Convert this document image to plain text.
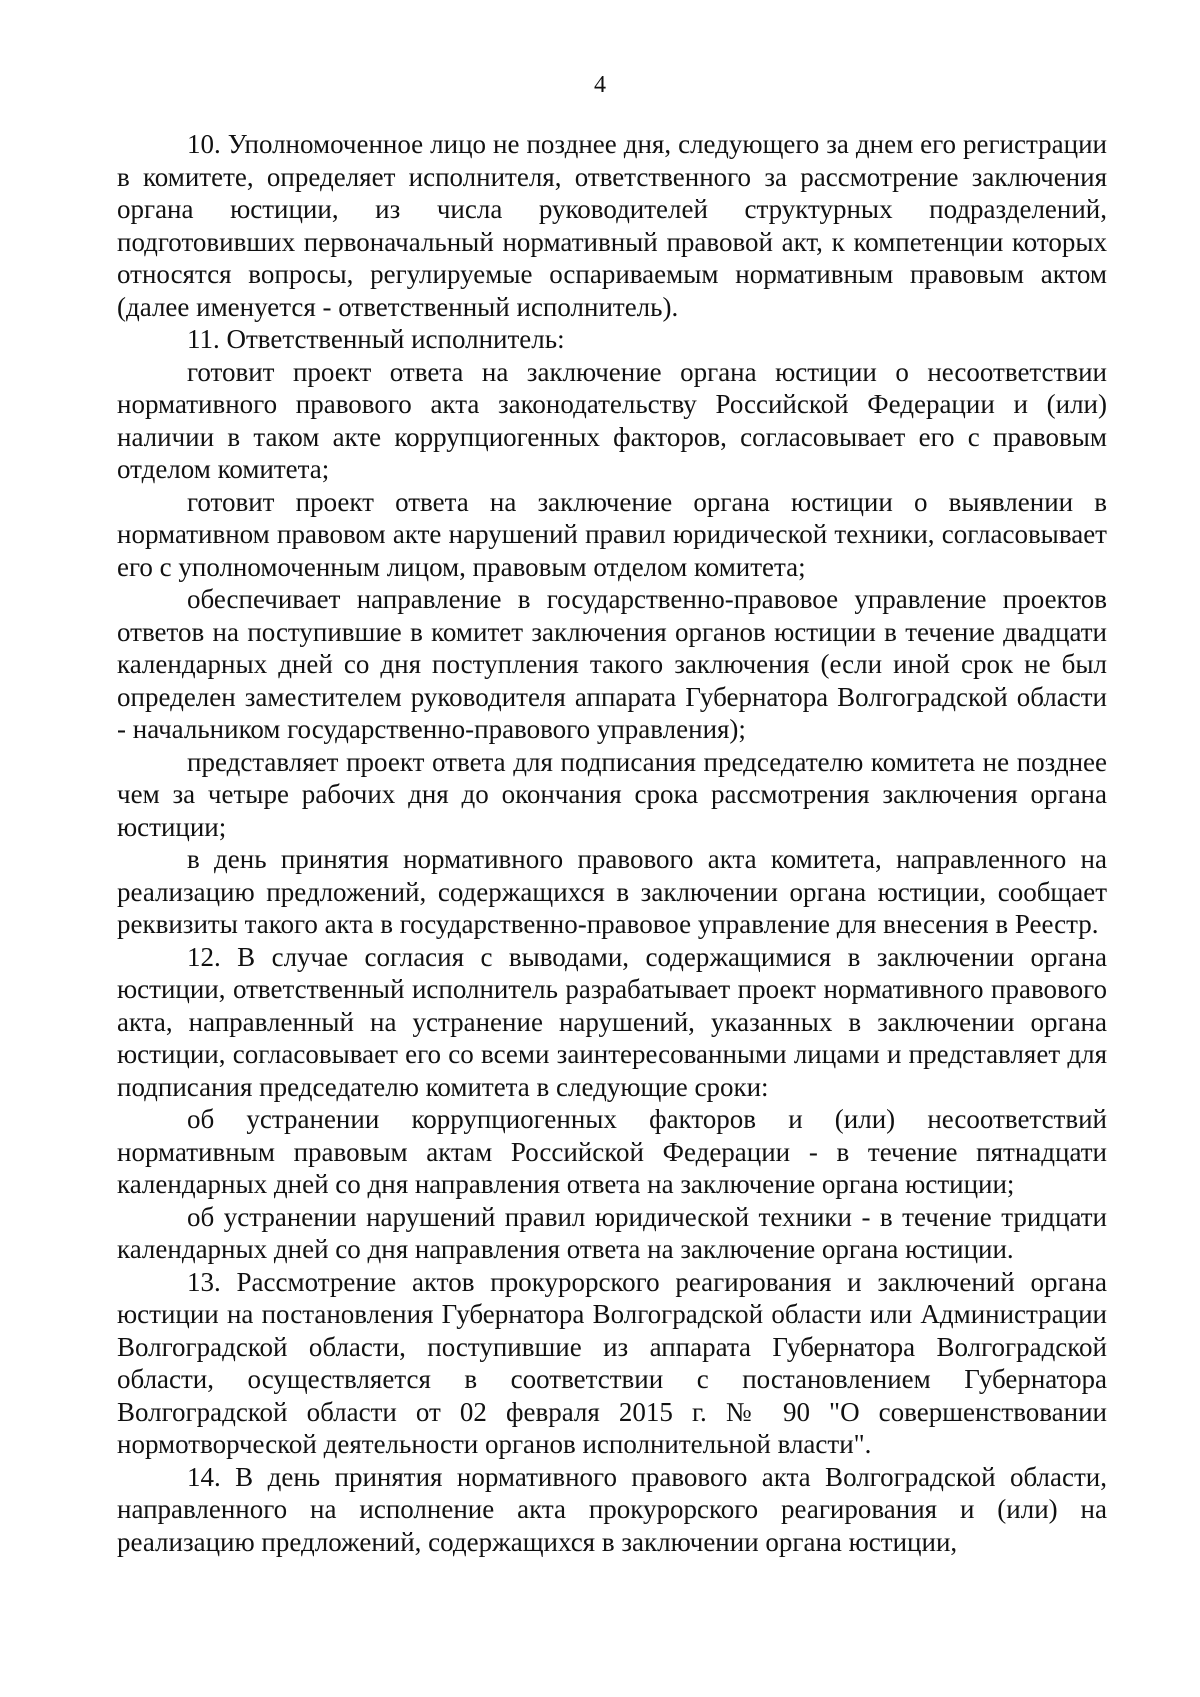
4

10. Уполномоченное лицо не позднее дня, следующего за днем его регистрации в комитете, определяет исполнителя, ответственного за рассмотрение заключения органа юстиции, из числа руководителей структурных подразделений, подготовивших первоначальный нормативный правовой акт, к компетенции которых относятся вопросы, регулируемые оспариваемым нормативным правовым актом (далее именуется - ответственный исполнитель).

11. Ответственный исполнитель:

готовит проект ответа на заключение органа юстиции о несоответствии нормативного правового акта законодательству Российской Федерации и (или) наличии в таком акте коррупциогенных факторов, согласовывает его с правовым отделом комитета;

готовит проект ответа на заключение органа юстиции о выявлении в нормативном правовом акте нарушений правил юридической техники, согласовывает его с уполномоченным лицом, правовым отделом комитета;

обеспечивает направление в государственно-правовое управление проектов ответов на поступившие в комитет заключения органов юстиции в течение двадцати календарных дней со дня поступления такого заключения (если иной срок не был определен заместителем руководителя аппарата Губернатора Волгоградской области - начальником государственно-правового управления);

представляет проект ответа для подписания председателю комитета не позднее чем за четыре рабочих дня до окончания срока рассмотрения заключения органа юстиции;

в день принятия нормативного правового акта комитета, направленного на реализацию предложений, содержащихся в заключении органа юстиции, сообщает реквизиты такого акта в государственно-правовое управление для внесения в Реестр.

12. В случае согласия с выводами, содержащимися в заключении органа юстиции, ответственный исполнитель разрабатывает проект нормативного правового акта, направленный на устранение нарушений, указанных в заключении органа юстиции, согласовывает его со всеми заинтересованными лицами и представляет для подписания председателю комитета в следующие сроки:

об устранении коррупциогенных факторов и (или) несоответствий нормативным правовым актам Российской Федерации - в течение пятнадцати календарных дней со дня направления ответа на заключение органа юстиции;

об устранении нарушений правил юридической техники - в течение тридцати календарных дней со дня направления ответа на заключение органа юстиции.

13. Рассмотрение актов прокурорского реагирования и заключений органа юстиции на постановления Губернатора Волгоградской области или Администрации Волгоградской области, поступившие из аппарата Губернатора Волгоградской области, осуществляется в соответствии с постановлением Губернатора Волгоградской области от 02 февраля 2015 г. № 90 "О совершенствовании нормотворческой деятельности органов исполнительной власти".

14. В день принятия нормативного правового акта Волгоградской области, направленного на исполнение акта прокурорского реагирования и (или) на реализацию предложений, содержащихся в заключении органа юстиции,
